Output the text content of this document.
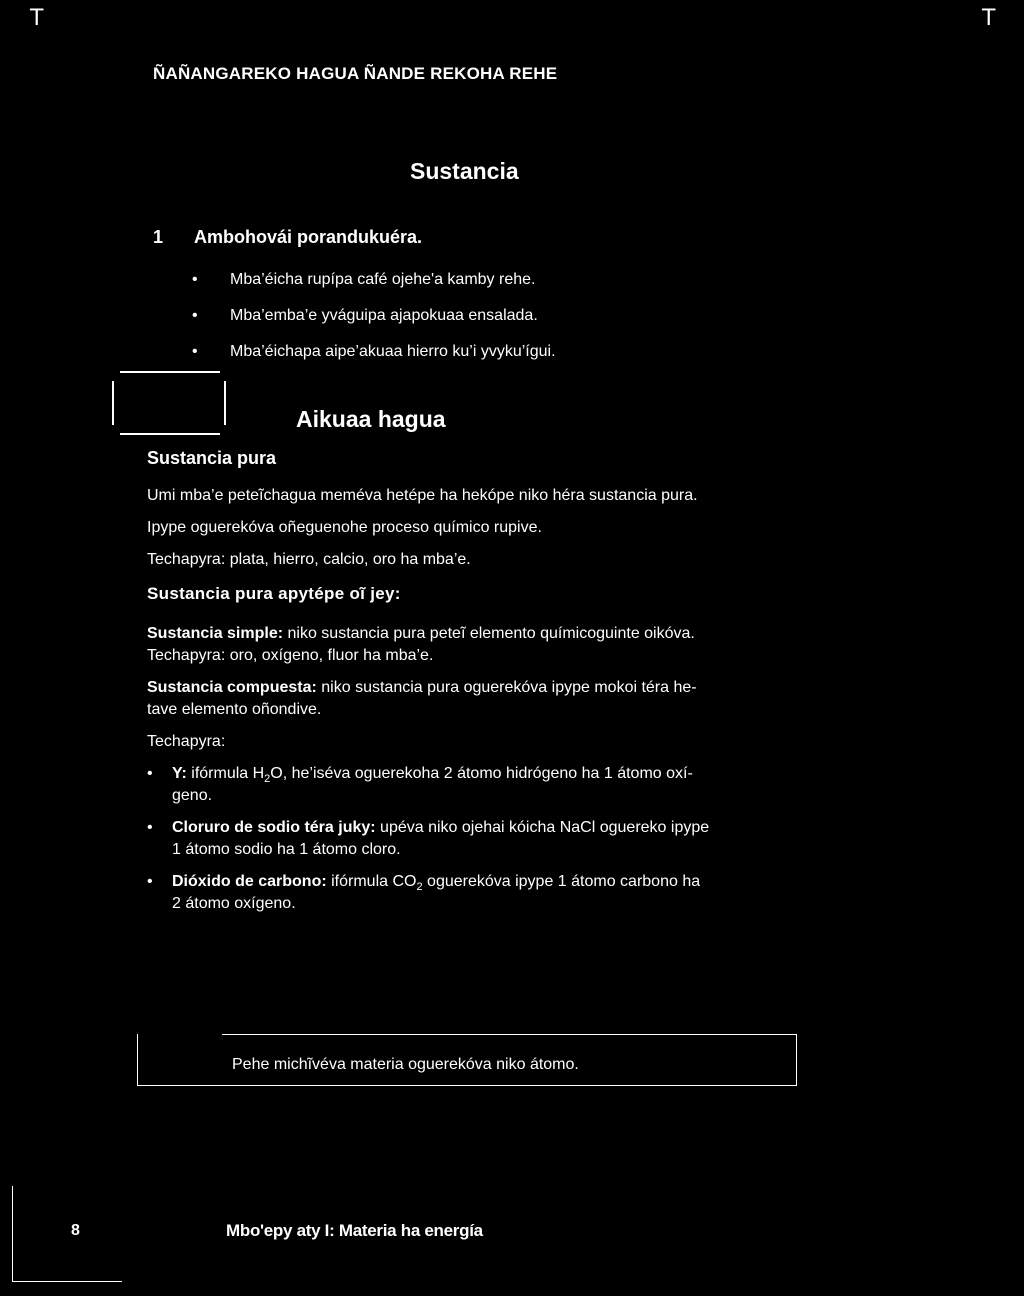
T	T
ÑAÑANGAREKO HAGUA ÑANDE REKOHA REHE
Sustancia
1 Ambohovái porandukuéra.
• Mba’éicha rupípa café ojehe'a kamby rehe.
• Mba’emba’e yváguipa ajapokuaa ensalada.
• Mba’éichapa aipe’akuaa hierro ku’i yvyku’ígui.
Aikuaa hagua
Sustancia pura
Umi mba’e peteĩchagua meméva hetépe ha hekópe niko héra sustancia pura.
Ipype oguerekóva oñeguenohe proceso químico rupive.
Techapyra: plata, hierro, calcio, oro ha mba’e.
Sustancia pura apytépe oĩ jey:
Sustancia simple: niko sustancia pura peteĩ elemento químicoguinte oikóva.
Techapyra: oro, oxígeno, fluor ha mba’e.
Sustancia compuesta: niko sustancia pura oguerekóva ipype mokoi téra he-
tave elemento oñondive.
Techapyra:
• Y: ifórmula $H_2O$, he’iséva oguerekoha 2 átomo hidrógeno ha 1 átomo oxí-
geno.
• Cloruro de sodio téra juky: upéva niko ojehai kóicha NaCl oguereko ipype
1 átomo sodio ha 1 átomo cloro.
• Dióxido de carbono: ifórmula $CO_2$ oguerekóva ipype 1 átomo carbono ha
2 átomo oxígeno.
Pehe michĩvéva materia oguerekóva niko átomo.
8	Mbo'epy aty I: Materia ha energía
